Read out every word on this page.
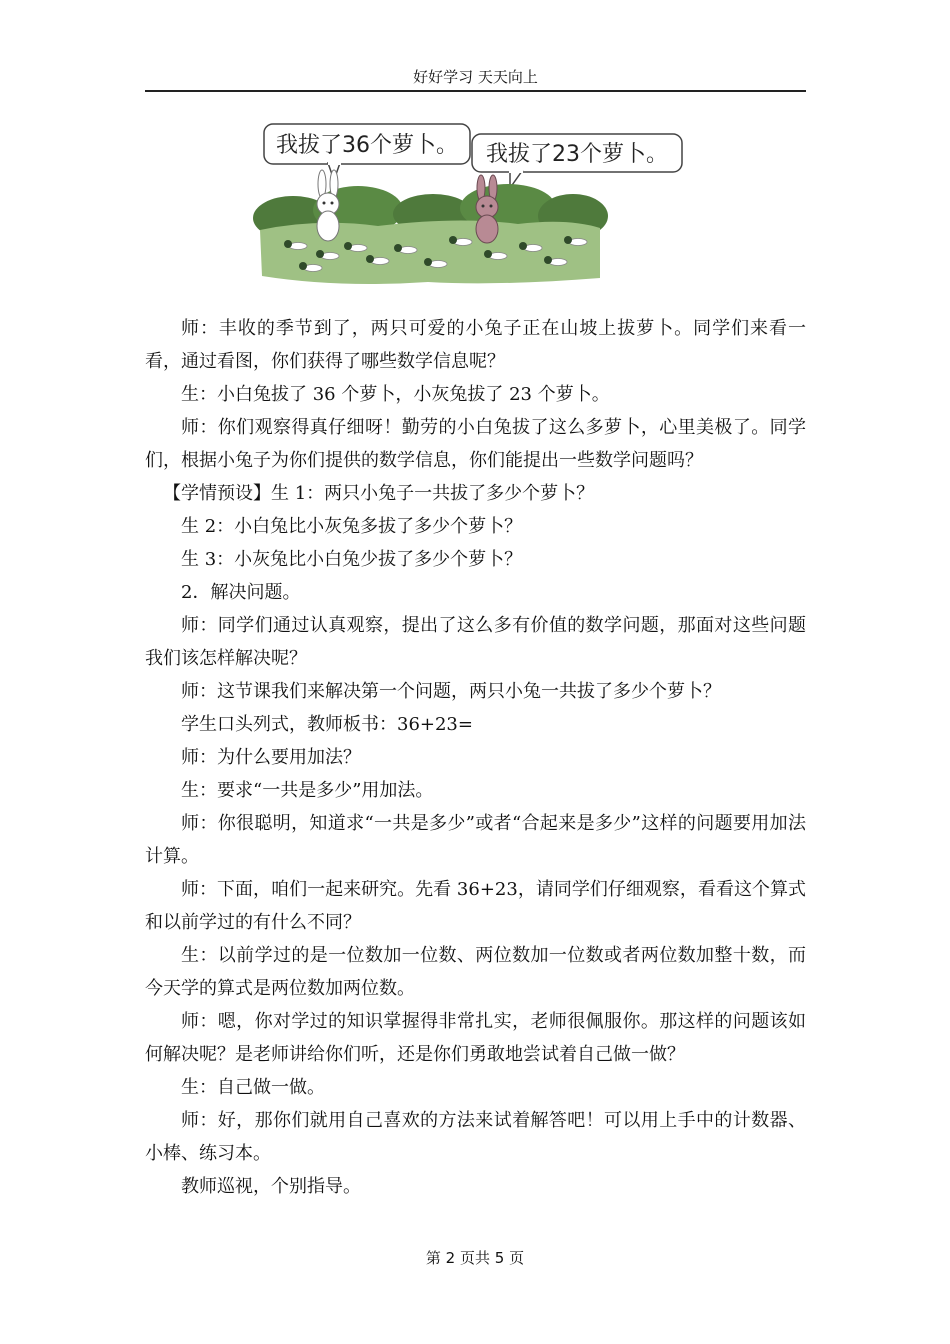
好好学习 天天向上
我拔了36个萝卜。 我拔了23个萝卜。

师：丰收的季节到了，两只可爱的小兔子正在山坡上拔萝卜。同学们来看一看，通过看图，你们获得了哪些数学信息呢？

生：小白兔拔了 36 个萝卜，小灰兔拔了 23 个萝卜。

师：你们观察得真仔细呀！勤劳的小白兔拔了这么多萝卜，心里美极了。同学们，根据小兔子为你们提供的数学信息，你们能提出一些数学问题吗？

【学情预设】生 1：两只小兔子一共拔了多少个萝卜？

生 2：小白兔比小灰兔多拔了多少个萝卜？

生 3：小灰兔比小白兔少拔了多少个萝卜？

2．解决问题。

师：同学们通过认真观察，提出了这么多有价值的数学问题，那面对这些问题我们该怎样解决呢？

师：这节课我们来解决第一个问题，两只小兔一共拔了多少个萝卜？

学生口头列式，教师板书：36+23=

师：为什么要用加法？

生：要求“一共是多少”用加法。

师：你很聪明，知道求“一共是多少”或者“合起来是多少”这样的问题要用加法计算。

师：下面，咱们一起来研究。先看 36+23，请同学们仔细观察，看看这个算式和以前学过的有什么不同？

生：以前学过的是一位数加一位数、两位数加一位数或者两位数加整十数，而今天学的算式是两位数加两位数。

师：嗯，你对学过的知识掌握得非常扎实，老师很佩服你。那这样的问题该如何解决呢？是老师讲给你们听，还是你们勇敢地尝试着自己做一做？

生：自己做一做。

师：好，那你们就用自己喜欢的方法来试着解答吧！可以用上手中的计数器、小棒、练习本。

教师巡视，个别指导。

第 2 页共 5 页
